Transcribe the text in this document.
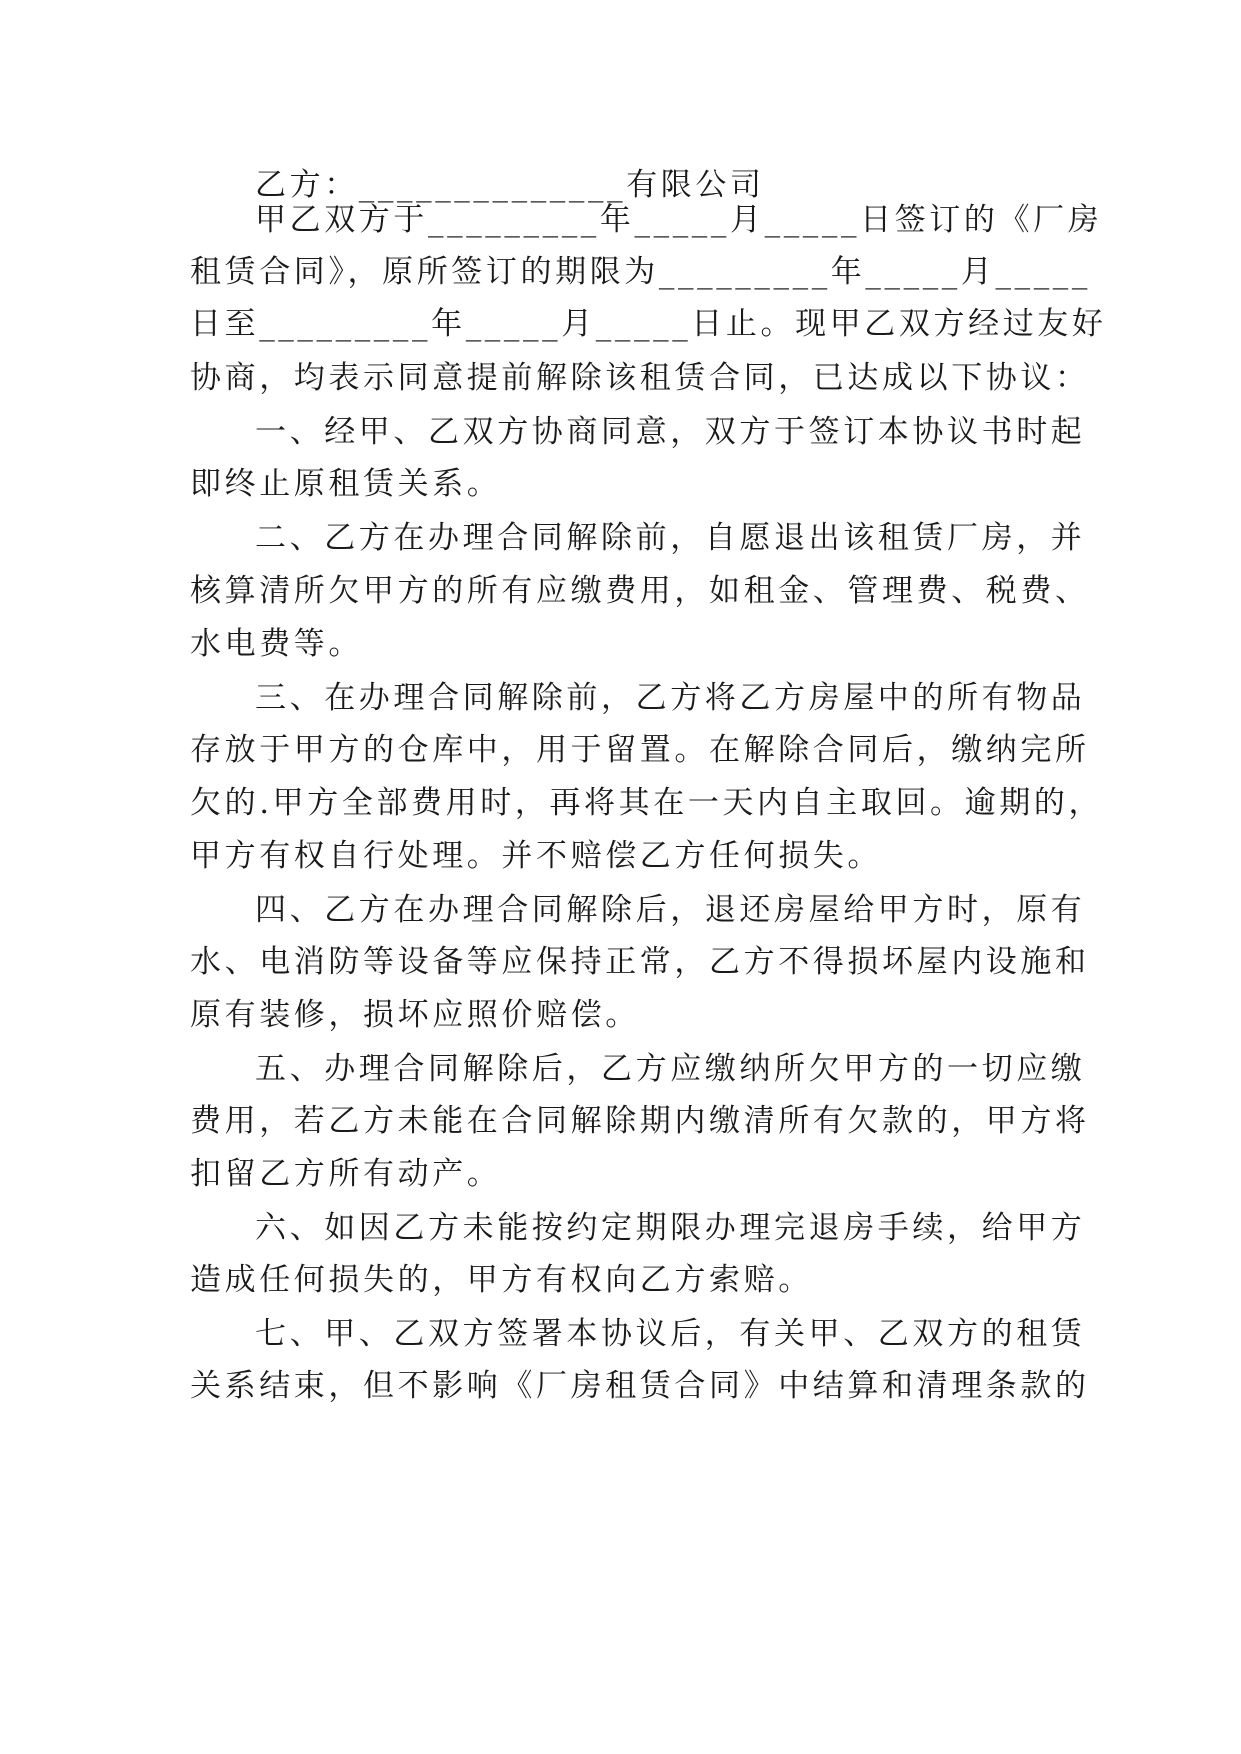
乙方：______________有限公司
甲乙双方于_________年_____月_____日签订的《厂房
租赁合同》，原所签订的期限为_________年_____月_____
日至_________年_____月_____日止。现甲乙双方经过友好
协商，均表示同意提前解除该租赁合同，已达成以下协议：
一、经甲、乙双方协商同意，双方于签订本协议书时起
即终止原租赁关系。
二、乙方在办理合同解除前，自愿退出该租赁厂房，并
核算清所欠甲方的所有应缴费用，如租金、管理费、税费、
水电费等。
三、在办理合同解除前，乙方将乙方房屋中的所有物品
存放于甲方的仓库中，用于留置。在解除合同后，缴纳完所
欠的.甲方全部费用时，再将其在一天内自主取回。逾期的，
甲方有权自行处理。并不赔偿乙方任何损失。
四、乙方在办理合同解除后，退还房屋给甲方时，原有
水、电消防等设备等应保持正常，乙方不得损坏屋内设施和
原有装修，损坏应照价赔偿。
五、办理合同解除后，乙方应缴纳所欠甲方的一切应缴
费用，若乙方未能在合同解除期内缴清所有欠款的，甲方将
扣留乙方所有动产。
六、如因乙方未能按约定期限办理完退房手续，给甲方
造成任何损失的，甲方有权向乙方索赔。
七、甲、乙双方签署本协议后，有关甲、乙双方的租赁
关系结束，但不影响《厂房租赁合同》中结算和清理条款的
